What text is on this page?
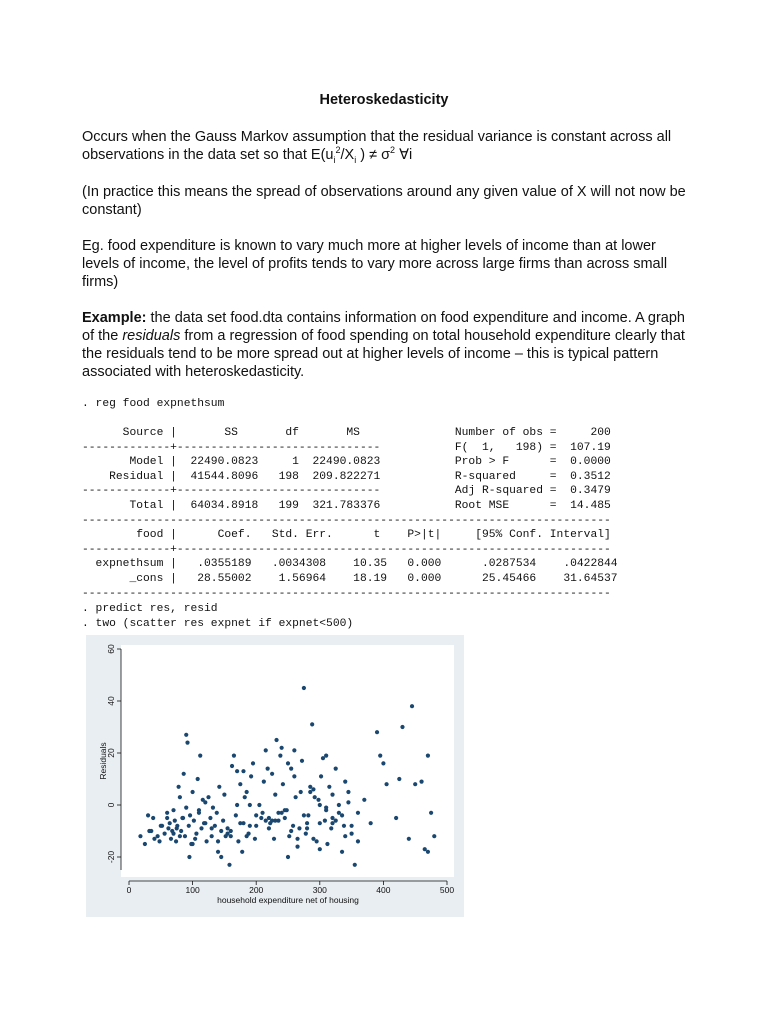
Heteroskedasticity
Occurs when the Gauss Markov assumption that the residual variance is constant across all observations in the data set so that $E(u_i^2/X_i$ ) ≠ $\sigma^2$ ∀i
(In practice this means the spread of observations around any given value of X will not now be constant)
Eg. food expenditure is known to vary much more at higher levels of income than at lower levels of income, the level of profits tends to vary more across large firms than across small firms)
Example: the data set food.dta contains information on food expenditure and income. A graph of the residuals from a regression of food spending on total household expenditure clearly that the residuals tend to be more spread out at higher levels of income – this is typical pattern associated with heteroskedasticity.
. reg food expnethsum
Source |       SS       df       MS              Number of obs =     200
-------------+------------------------------           F(  1,   198) =  107.19
Model |  22490.0823     1  22490.0823           Prob > F      =  0.0000
Residual |  41544.8096   198  209.822271           R-squared     =  0.3512
-------------+------------------------------           Adj R-squared =  0.3479
Total |  64034.8918   199  321.783376           Root MSE      =  14.485
------------------------------------------------------------------------------
food |      Coef.   Std. Err.      t    P>|t|     [95% Conf. Interval]
-------------+----------------------------------------------------------------
expnethsum |   .0355189   .0034308    10.35   0.000      .0287534    .0422844
_cons |   28.55002    1.56964    18.19   0.000      25.45466    31.64537
------------------------------------------------------------------------------
. predict res, resid
. two (scatter res expnet if expnet<500)
0	100	200	300	400	500
-20
0
20
40
60
household expenditure net of housing
Residuals
